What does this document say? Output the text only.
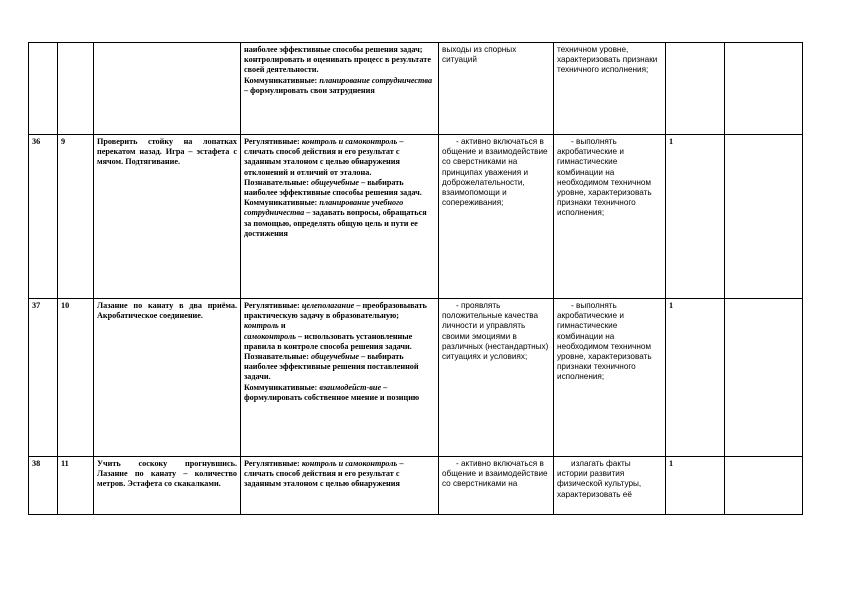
			наиболее эффективные способы решения задач; контролировать и оценивать процесс в результате своей деятельности.
Коммуникативные: планирование сотрудничества – формулировать свои затруднения	выходы из спорных ситуаций	техничном уровне, характеризовать признаки техничного исполнения;		
36	9	Проверить стойку на лопатках перекатом назад. Игра – эстафета с мячом. Подтягивание.	Регулятивные: контроль и самоконтроль – сличать способ действия и его результат с заданным эталоном с целью обнаружения отклонений и отличий от эталона.
Познавательные: общеучебные – выбирать наиболее эффективные способы решения задач. Коммуникативные: планирование учебного сотрудничества – задавать вопросы, обращаться за помощью, определять общую цель и пути ее достижения	- активно включаться в общение и взаимодействие со сверстниками на принципах уважения и доброжелательности, взаимопомощи и сопереживания;	- выполнять акробатические и гимнастические комбинации на необходимом техничном уровне, характеризовать признаки техничного исполнения;	1	
37	10	Лазание по канату в два приёма. Акробатическое соединение.	Регулятивные: целеполагание – преобразовывать практическую задачу в образовательную; контроль и
самоконтроль – использовать установленные правила в контроле способа решения задачи.
Познавательные: общеучебные – выбирать наиболее эффективные решения поставленной задачи.
Коммуникативные: взаимодейст-вие – формулировать собственное мнение и позицию	- проявлять положительные качества личности и управлять своими эмоциями в различных (нестандартных) ситуациях и условиях;	- выполнять акробатические и гимнастические комбинации на необходимом техничном уровне, характеризовать признаки техничного исполнения;	1	
38	11	Учить соскоку прогнувшись. Лазание по канату – количество метров. Эстафета со скакалками.	Регулятивные: контроль и самоконтроль – сличать способ действия и его результат с заданным эталоном с целью обнаружения	- активно включаться в общение и взаимодействие со сверстниками на	излагать факты истории развития физической культуры, характеризовать её	1	
